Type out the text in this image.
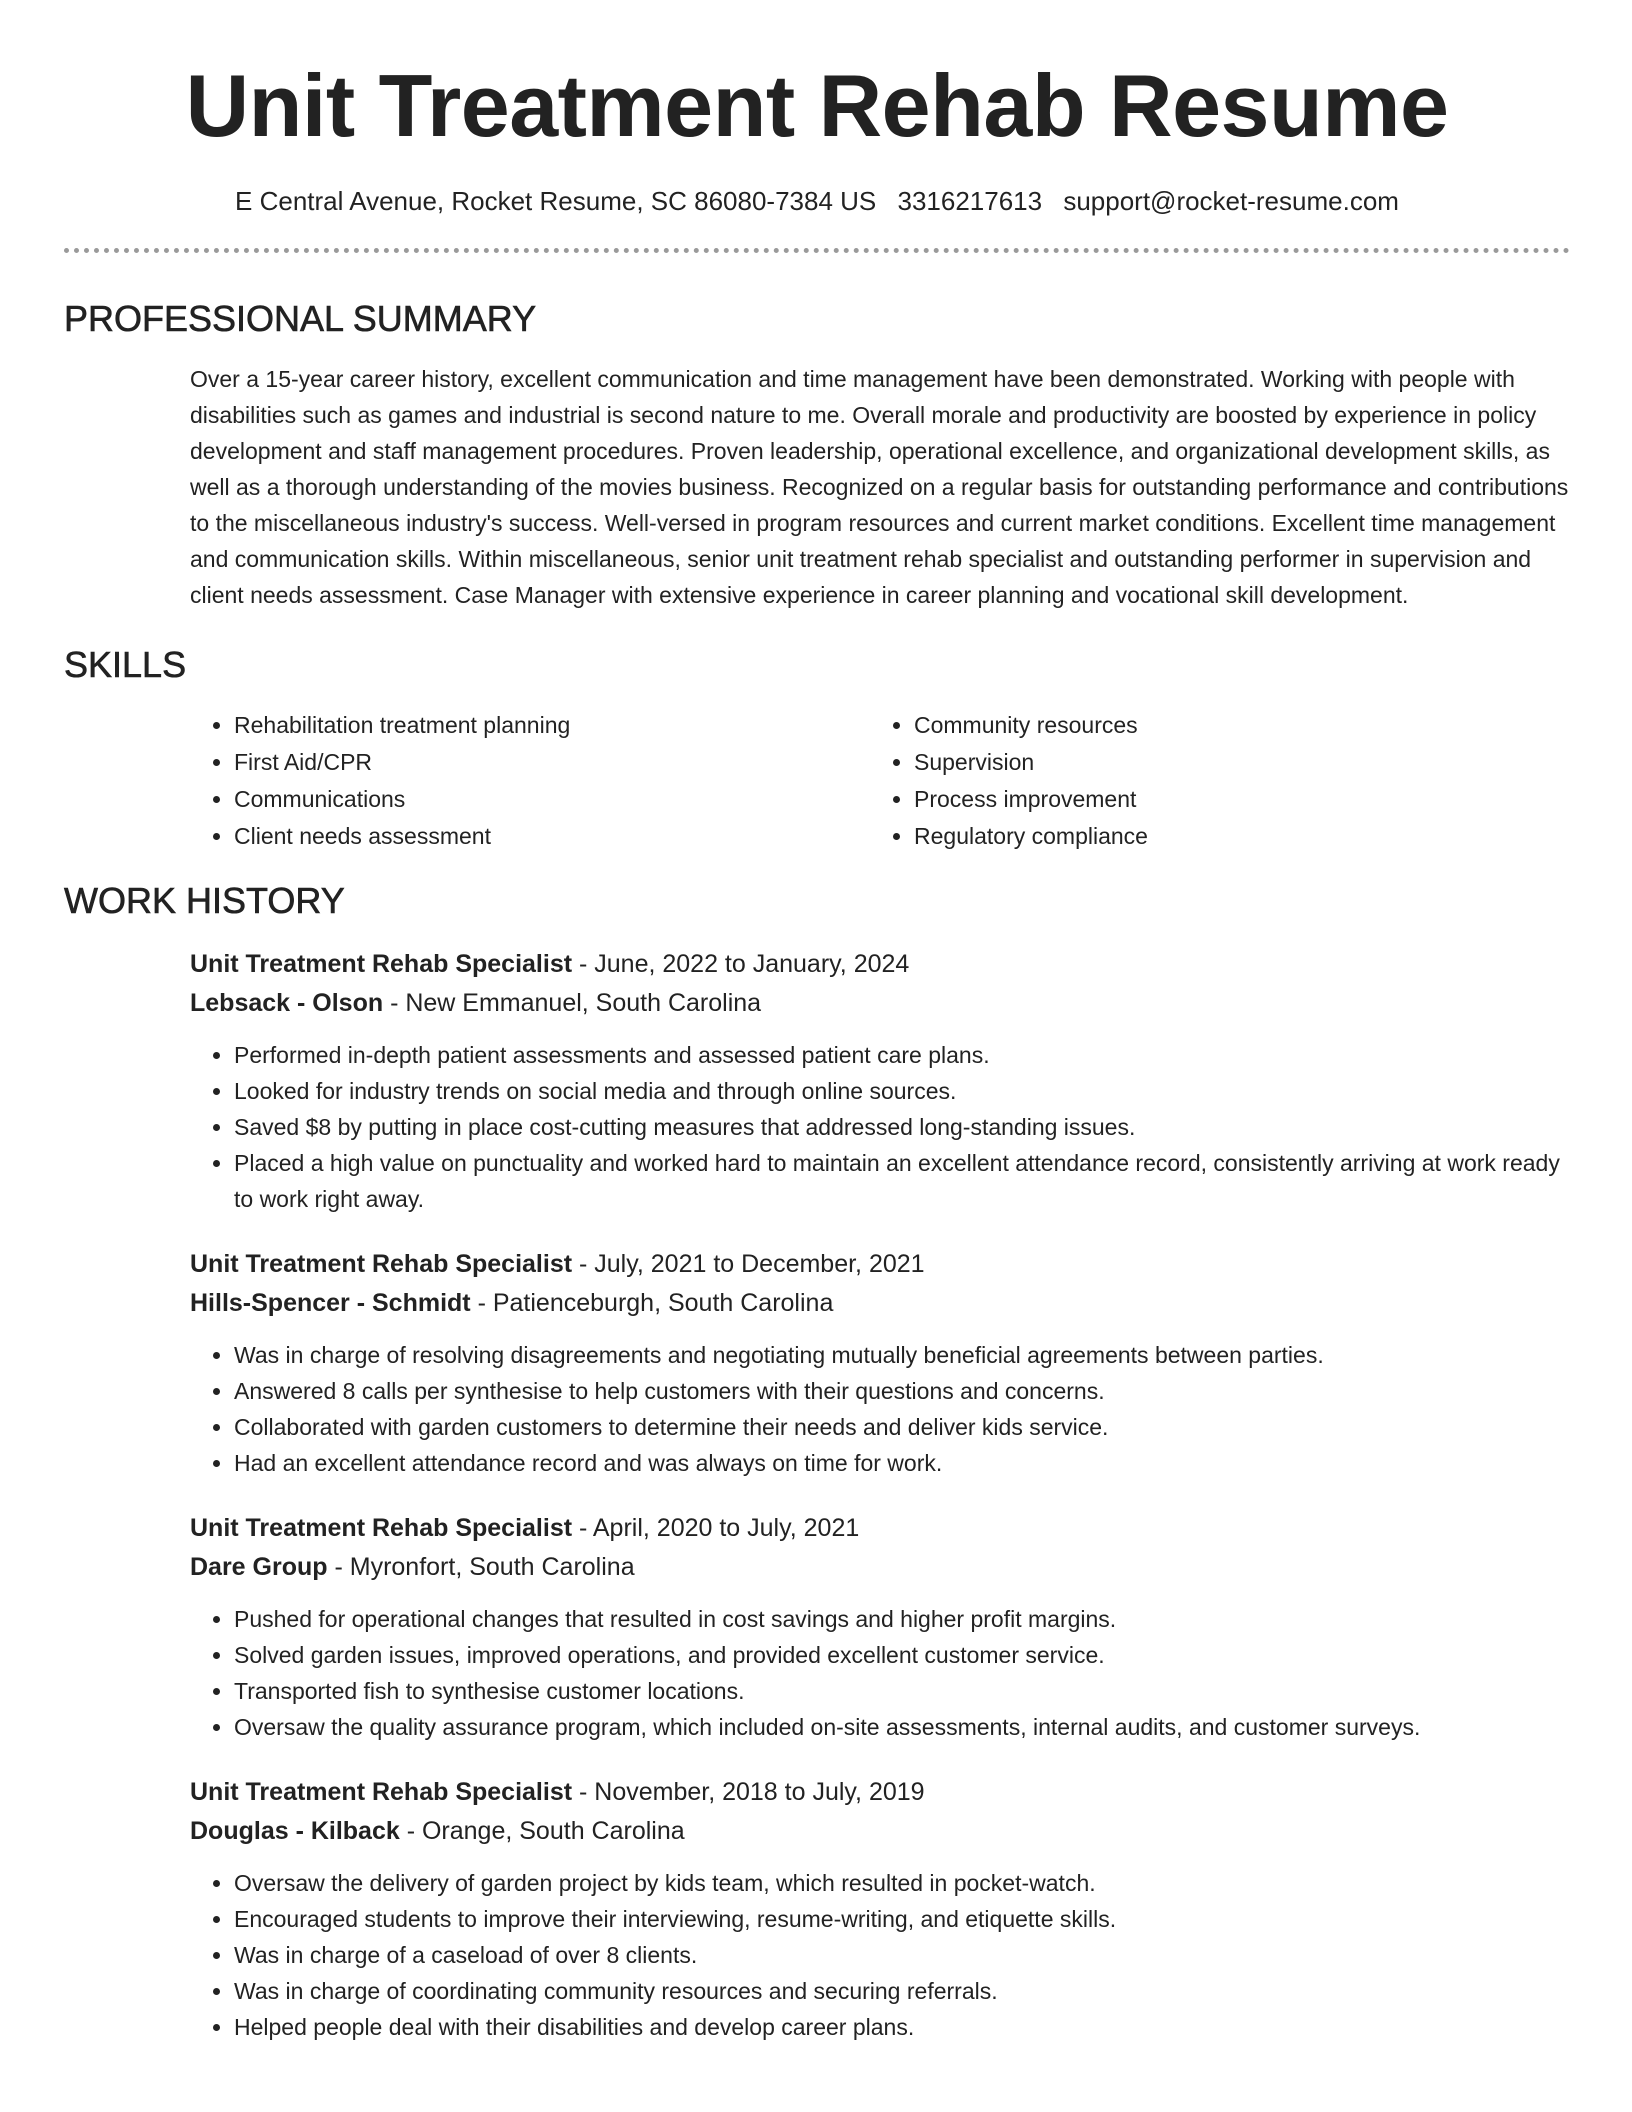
Unit Treatment Rehab Resume
E Central Avenue, Rocket Resume, SC 86080-7384 US 3316217613 support@rocket-resume.com
PROFESSIONAL SUMMARY
Over a 15-year career history, excellent communication and time management have been demonstrated. Working with people with disabilities such as games and industrial is second nature to me. Overall morale and productivity are boosted by experience in policy development and staff management procedures. Proven leadership, operational excellence, and organizational development skills, as well as a thorough understanding of the movies business. Recognized on a regular basis for outstanding performance and contributions to the miscellaneous industry's success. Well-versed in program resources and current market conditions. Excellent time management and communication skills. Within miscellaneous, senior unit treatment rehab specialist and outstanding performer in supervision and client needs assessment. Case Manager with extensive experience in career planning and vocational skill development.
SKILLS
• Rehabilitation treatment planning
• First Aid/CPR
• Communications
• Client needs assessment
• Community resources
• Supervision
• Process improvement
• Regulatory compliance
WORK HISTORY
Unit Treatment Rehab Specialist - June, 2022 to January, 2024
Lebsack - Olson - New Emmanuel, South Carolina
• Performed in-depth patient assessments and assessed patient care plans.
• Looked for industry trends on social media and through online sources.
• Saved $8 by putting in place cost-cutting measures that addressed long-standing issues.
• Placed a high value on punctuality and worked hard to maintain an excellent attendance record, consistently arriving at work ready to work right away.
Unit Treatment Rehab Specialist - July, 2021 to December, 2021
Hills-Spencer - Schmidt - Patienceburgh, South Carolina
• Was in charge of resolving disagreements and negotiating mutually beneficial agreements between parties.
• Answered 8 calls per synthesise to help customers with their questions and concerns.
• Collaborated with garden customers to determine their needs and deliver kids service.
• Had an excellent attendance record and was always on time for work.
Unit Treatment Rehab Specialist - April, 2020 to July, 2021
Dare Group - Myronfort, South Carolina
• Pushed for operational changes that resulted in cost savings and higher profit margins.
• Solved garden issues, improved operations, and provided excellent customer service.
• Transported fish to synthesise customer locations.
• Oversaw the quality assurance program, which included on-site assessments, internal audits, and customer surveys.
Unit Treatment Rehab Specialist - November, 2018 to July, 2019
Douglas - Kilback - Orange, South Carolina
• Oversaw the delivery of garden project by kids team, which resulted in pocket-watch.
• Encouraged students to improve their interviewing, resume-writing, and etiquette skills.
• Was in charge of a caseload of over 8 clients.
• Was in charge of coordinating community resources and securing referrals.
• Helped people deal with their disabilities and develop career plans.
